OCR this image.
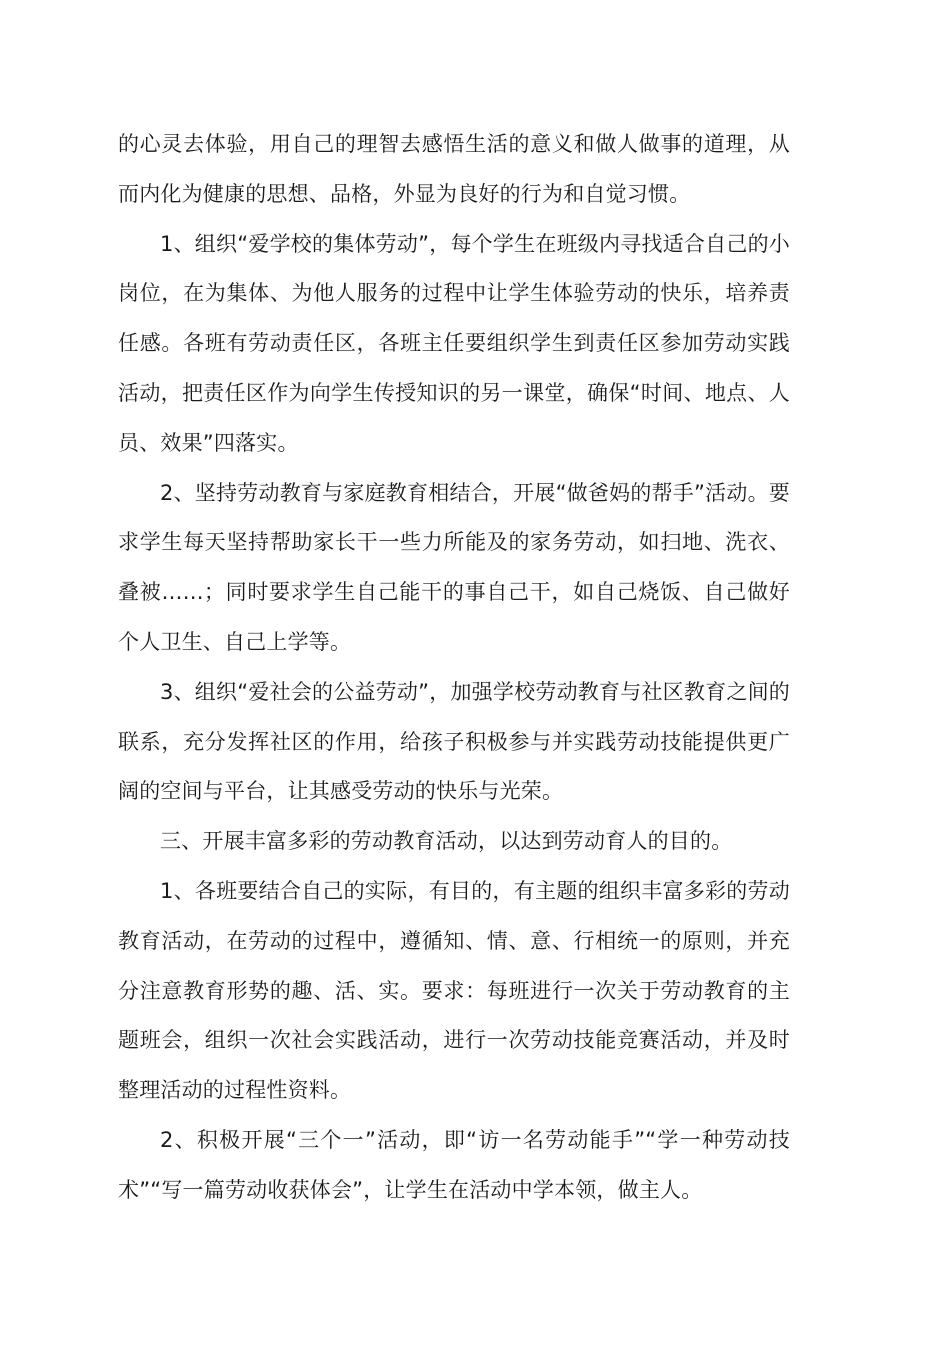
的心灵去体验，用自己的理智去感悟生活的意义和做人做事的道理，从而内化为健康的思想、品格，外显为良好的行为和自觉习惯。

1、组织“爱学校的集体劳动”，每个学生在班级内寻找适合自己的小岗位，在为集体、为他人服务的过程中让学生体验劳动的快乐，培养责任感。各班有劳动责任区，各班主任要组织学生到责任区参加劳动实践活动，把责任区作为向学生传授知识的另一课堂，确保“时间、地点、人员、效果”四落实。

2、坚持劳动教育与家庭教育相结合，开展“做爸妈的帮手”活动。要求学生每天坚持帮助家长干一些力所能及的家务劳动，如扫地、洗衣、叠被……；同时要求学生自己能干的事自己干，如自己烧饭、自己做好个人卫生、自己上学等。

3、组织“爱社会的公益劳动”，加强学校劳动教育与社区教育之间的联系，充分发挥社区的作用，给孩子积极参与并实践劳动技能提供更广阔的空间与平台，让其感受劳动的快乐与光荣。

三、开展丰富多彩的劳动教育活动，以达到劳动育人的目的。

1、各班要结合自己的实际，有目的，有主题的组织丰富多彩的劳动教育活动，在劳动的过程中，遵循知、情、意、行相统一的原则，并充分注意教育形势的趣、活、实。要求：每班进行一次关于劳动教育的主题班会，组织一次社会实践活动，进行一次劳动技能竞赛活动，并及时整理活动的过程性资料。

2、积极开展“三个一”活动，即“访一名劳动能手”“学一种劳动技术”“写一篇劳动收获体会”，让学生在活动中学本领，做主人。
